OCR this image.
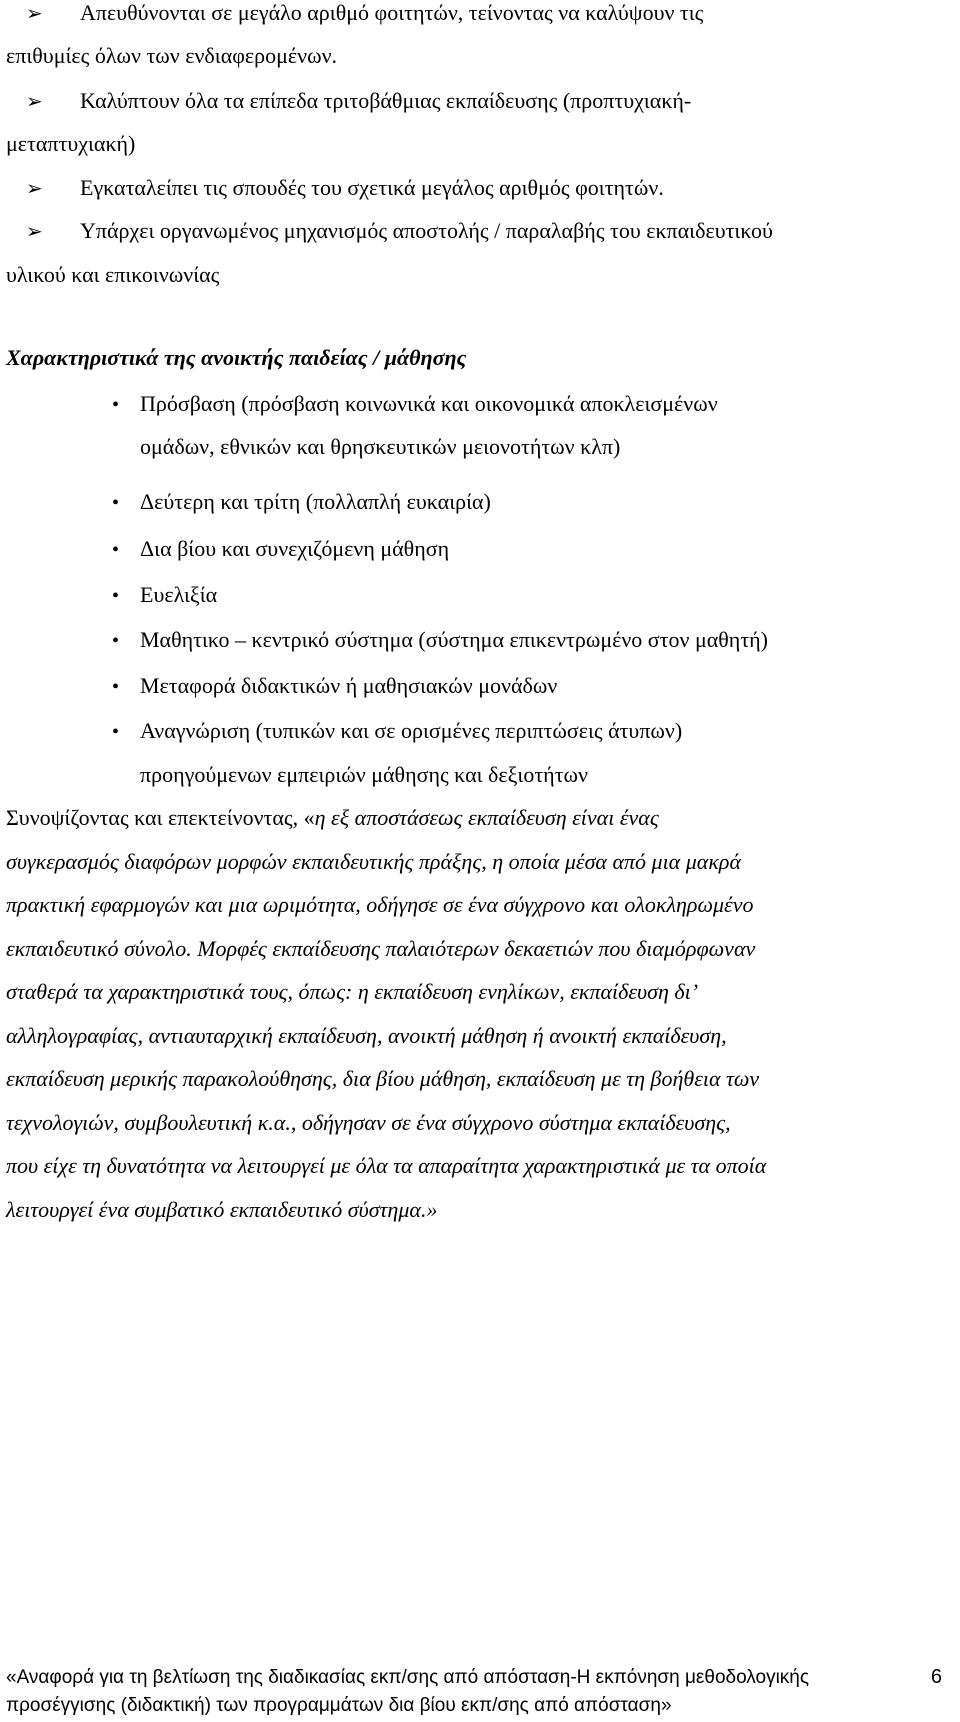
➢ Απευθύνονται σε μεγάλο αριθμό φοιτητών, τείνοντας να καλύψουν τις
επιθυμίες όλων των ενδιαφερομένων.
➢ Καλύπτουν όλα τα επίπεδα τριτοβάθμιας εκπαίδευσης (προπτυχιακή-
μεταπτυχιακή)
➢ Εγκαταλείπει τις σπουδές του σχετικά μεγάλος αριθμός φοιτητών.
➢ Υπάρχει οργανωμένος μηχανισμός αποστολής / παραλαβής του εκπαιδευτικού
υλικού και επικοινωνίας
Χαρακτηριστικά της ανοικτής παιδείας / μάθησης
• Πρόσβαση (πρόσβαση κοινωνικά και οικονομικά αποκλεισμένων
ομάδων, εθνικών και θρησκευτικών μειονοτήτων κλπ)
• Δεύτερη και τρίτη (πολλαπλή ευκαιρία)
• Δια βίου και συνεχιζόμενη μάθηση
• Ευελιξία
• Μαθητικο – κεντρικό σύστημα (σύστημα επικεντρωμένο στον μαθητή)
• Μεταφορά διδακτικών ή μαθησιακών μονάδων
• Αναγνώριση (τυπικών και σε ορισμένες περιπτώσεις άτυπων)
προηγούμενων εμπειριών μάθησης και δεξιοτήτων
Συνοψίζοντας και επεκτείνοντας, «η εξ αποστάσεως εκπαίδευση είναι ένας
συγκερασμός διαφόρων μορφών εκπαιδευτικής πράξης, η οποία μέσα από μια μακρά
πρακτική εφαρμογών και μια ωριμότητα, οδήγησε σε ένα σύγχρονο και ολοκληρωμένο
εκπαιδευτικό σύνολο. Μορφές εκπαίδευσης παλαιότερων δεκαετιών που διαμόρφωναν
σταθερά τα χαρακτηριστικά τους, όπως: η εκπαίδευση ενηλίκων, εκπαίδευση δι’
αλληλογραφίας, αντιαυταρχική εκπαίδευση, ανοικτή μάθηση ή ανοικτή εκπαίδευση,
εκπαίδευση μερικής παρακολούθησης, δια βίου μάθηση, εκπαίδευση με τη βοήθεια των
τεχνολογιών, συμβουλευτική κ.α., οδήγησαν σε ένα σύγχρονο σύστημα εκπαίδευσης,
που είχε τη δυνατότητα να λειτουργεί με όλα τα απαραίτητα χαρακτηριστικά με τα οποία
λειτουργεί ένα συμβατικό εκπαιδευτικό σύστημα.»
«Αναφορά για τη βελτίωση της διαδικασίας εκπ/σης από απόσταση-Η εκπόνηση μεθοδολογικής
προσέγγισης (διδακτική) των προγραμμάτων δια βίου εκπ/σης από απόσταση»
6
